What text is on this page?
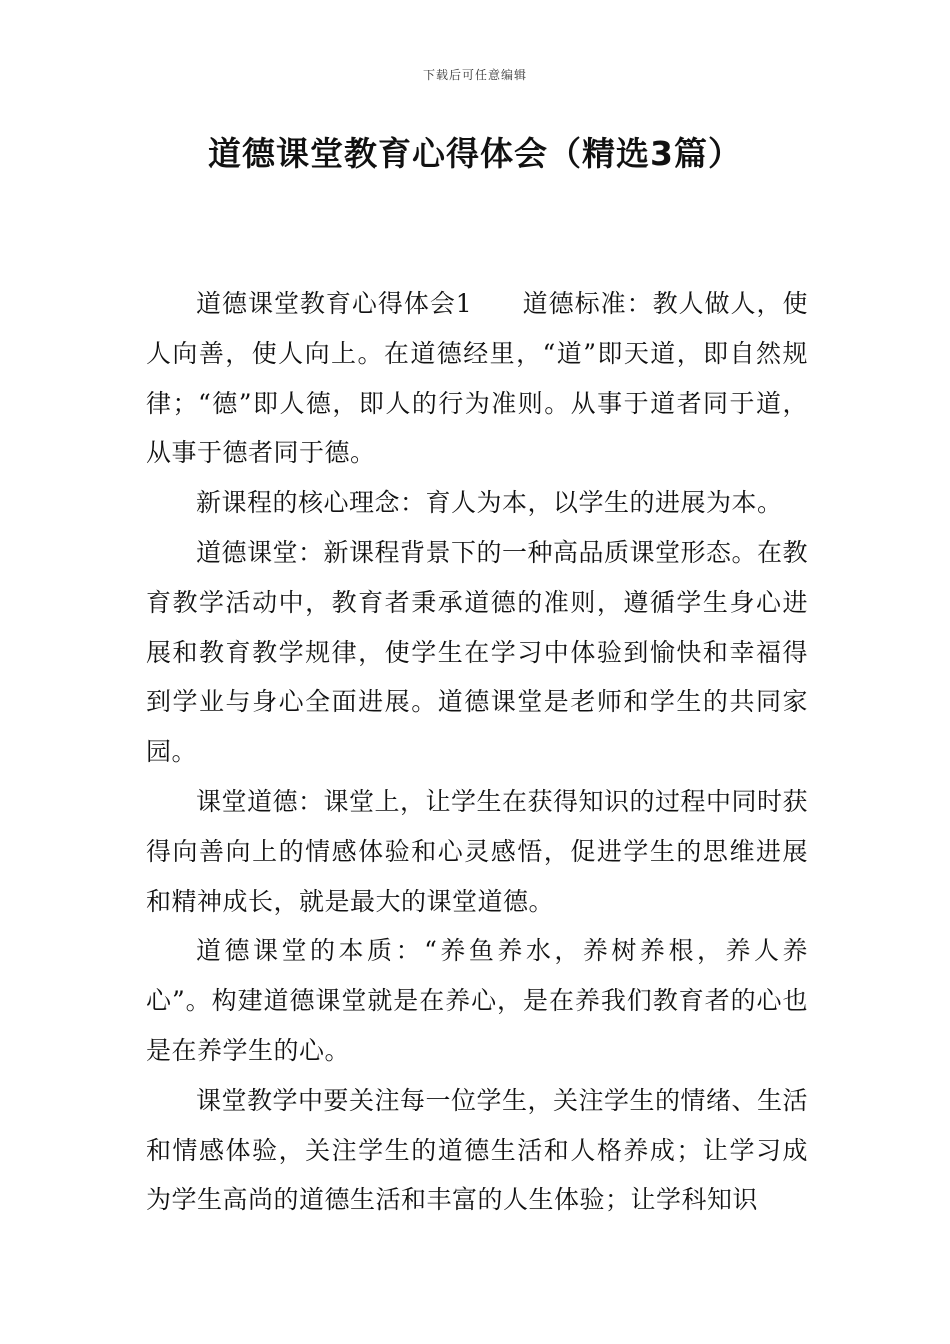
下载后可任意编辑
道德课堂教育心得体会（精选3篇）

道德课堂教育心得体会1 道德标准：教人做人，使人向善，使人向上。在道德经里，“道”即天道，即自然规律；“德”即人德，即人的行为准则。从事于道者同于道，从事于德者同于德。

新课程的核心理念：育人为本，以学生的进展为本。

道德课堂：新课程背景下的一种高品质课堂形态。在教育教学活动中，教育者秉承道德的准则，遵循学生身心进展和教育教学规律，使学生在学习中体验到愉快和幸福得到学业与身心全面进展。道德课堂是老师和学生的共同家园。

课堂道德：课堂上，让学生在获得知识的过程中同时获得向善向上的情感体验和心灵感悟，促进学生的思维进展和精神成长，就是最大的课堂道德。

道德课堂的本质：“养鱼养水，养树养根，养人养心”。构建道德课堂就是在养心，是在养我们教育者的心也是在养学生的心。

课堂教学中要关注每一位学生，关注学生的情绪、生活和情感体验，关注学生的道德生活和人格养成；让学习成为学生高尚的道德生活和丰富的人生体验；让学科知识
